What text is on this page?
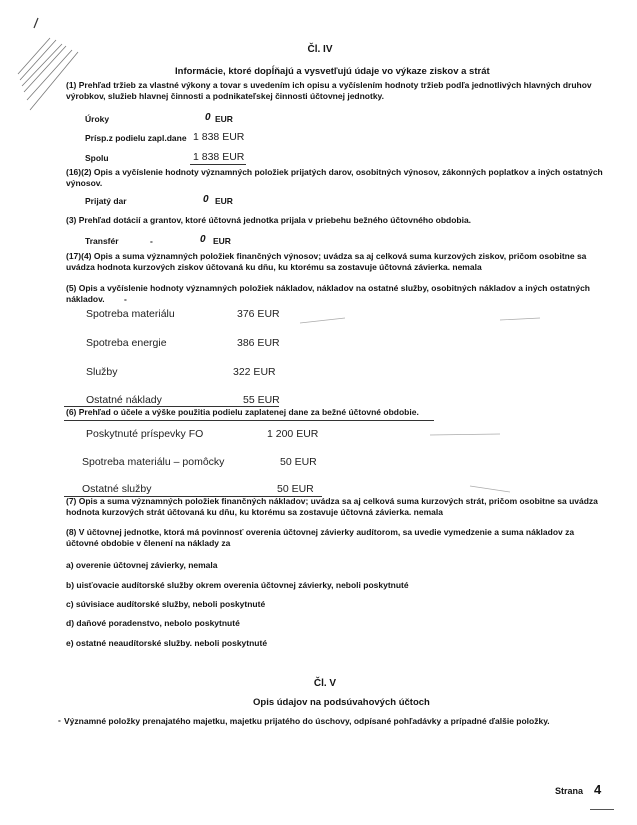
Čl. IV
Informácie, ktoré dopĺňajú a vysvetľujú údaje vo výkaze ziskov a strát
(1) Prehľad tržieb za vlastné výkony a tovar s uvedením ich opisu a vyčíslením hodnoty tržieb podľa jednotlivých hlavných druhov výrobkov, služieb hlavnej činnosti a podnikateľskej činnosti účtovnej jednotky.
Úroky	0 EUR
Prísp.z podielu zapl.dane 1 838 EUR
Spolu	1 838 EUR
(16)(2) Opis a vyčíslenie hodnoty významných položiek prijatých darov, osobitných výnosov, zákonných poplatkov a iných ostatných výnosov.
Prijatý dar	0 EUR
(3) Prehľad dotácií a grantov, ktoré účtovná jednotka prijala v priebehu bežného účtovného obdobia.
Transfér	-	0 EUR
(17)(4) Opis a suma významných položiek finančných výnosov; uvádza sa aj celková suma kurzových ziskov, pričom osobitne sa uvádza hodnota kurzových ziskov účtovaná ku dňu, ku ktorému sa zostavuje účtovná závierka. nemala
(5) Opis a vyčíslenie hodnoty významných položiek nákladov, nákladov na ostatné služby, osobitných nákladov a iných ostatných nákladov.	-
Spotreba materiálu	376 EUR
Spotreba energie	386 EUR
Služby	322 EUR
Ostatné náklady	55 EUR
(6) Prehľad o účele a výške použitia podielu zaplatenej dane za bežné účtovné obdobie.
Poskytnuté príspevky FO	1 200 EUR
Spotreba materiálu – pomôcky	50 EUR
Ostatné služby	50 EUR
(7) Opis a suma významných položiek finančných nákladov; uvádza sa aj celková suma kurzových strát, pričom osobitne sa uvádza hodnota kurzových strát účtovaná ku dňu, ku ktorému sa zostavuje účtovná závierka. nemala
(8) V účtovnej jednotke, ktorá má povinnosť overenia účtovnej závierky audítorom, sa uvedie vymedzenie a suma nákladov za účtovné obdobie v členení na náklady za
a) overenie účtovnej závierky, nemala
b) uisťovacie audítorské služby okrem overenia účtovnej závierky, neboli poskytnuté
c) súvisiace audítorské služby, neboli poskytnuté
d) daňové poradenstvo, nebolo poskytnuté
e) ostatné neaudítorské služby. neboli poskytnuté
Čl. V
Opis údajov na podsúvahových účtoch
- Významné položky prenajatého majetku, majetku prijatého do úschovy, odpísané pohľadávky a prípadné ďalšie položky.
Strana 4
